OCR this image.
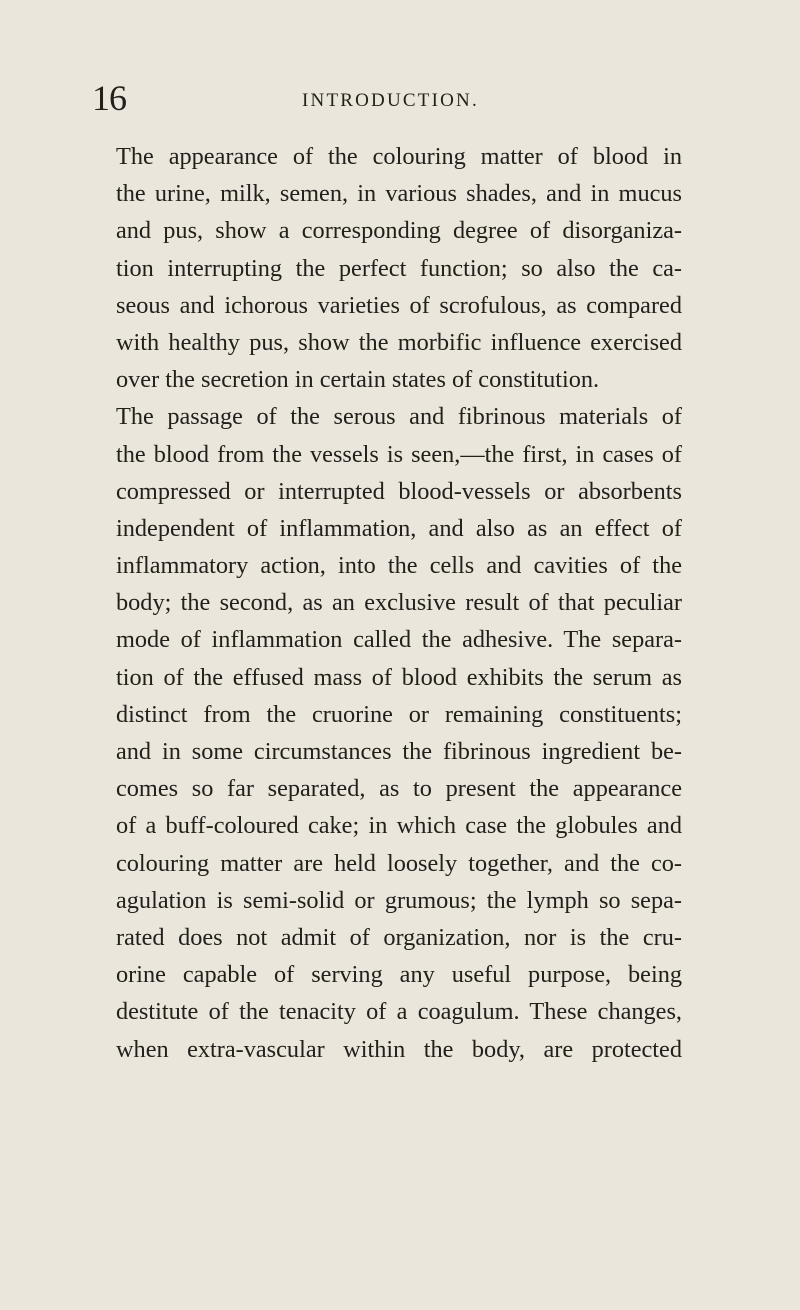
16	INTRODUCTION.
The appearance of the colouring matter of blood in
the urine, milk, semen, in various shades, and in mucus
and pus, show a corresponding degree of disorganiza-
tion interrupting the perfect function; so also the ca-
seous and ichorous varieties of scrofulous, as compared
with healthy pus, show the morbific influence exercised
over the secretion in certain states of constitution.
The passage of the serous and fibrinous materials of
the blood from the vessels is seen,—the first, in cases of
compressed or interrupted blood-vessels or absorbents
independent of inflammation, and also as an effect of
inflammatory action, into the cells and cavities of the
body; the second, as an exclusive result of that peculiar
mode of inflammation called the adhesive. The separa-
tion of the effused mass of blood exhibits the serum as
distinct from the cruorine or remaining constituents;
and in some circumstances the fibrinous ingredient be-
comes so far separated, as to present the appearance
of a buff-coloured cake; in which case the globules and
colouring matter are held loosely together, and the co-
agulation is semi-solid or grumous; the lymph so sepa-
rated does not admit of organization, nor is the cru-
orine capable of serving any useful purpose, being
destitute of the tenacity of a coagulum. These changes,
when extra-vascular within the body, are protected
